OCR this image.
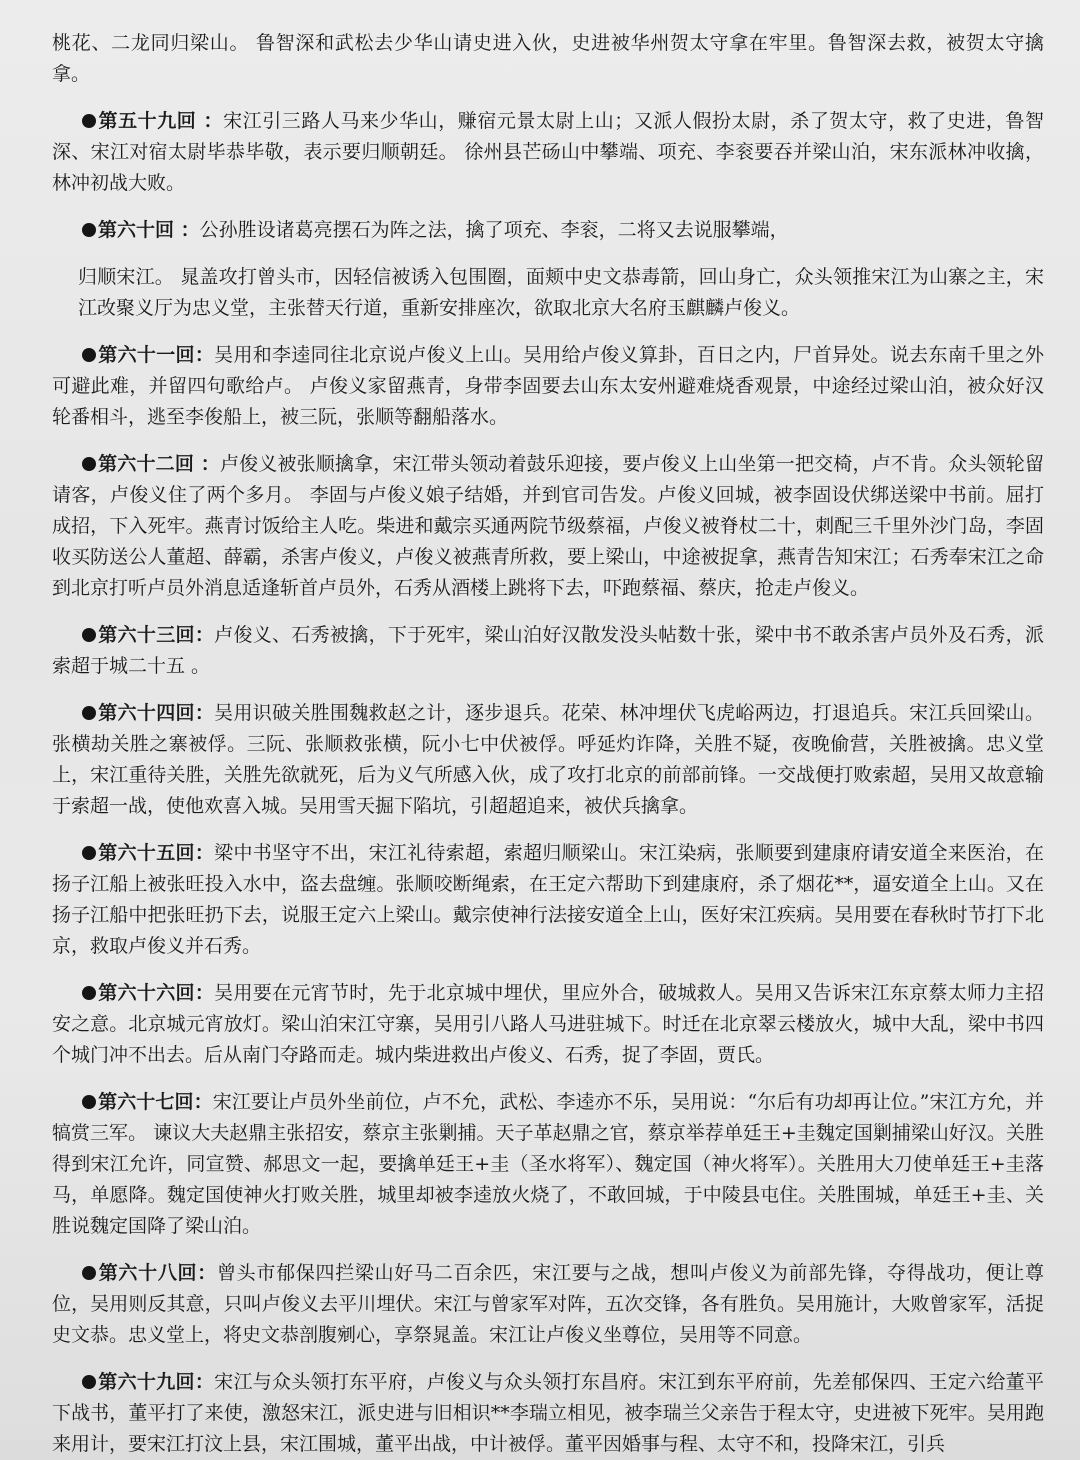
桃花、二龙同归梁山。 鲁智深和武松去少华山请史进入伙，史进被华州贺太守拿在牢里。鲁智深去救，被贺太守擒拿。

第五十九回 ：宋江引三路人马来少华山，赚宿元景太尉上山；又派人假扮太尉，杀了贺太守，救了史进，鲁智深、宋江对宿太尉毕恭毕敬，表示要归顺朝廷。 徐州县芒砀山中攀端、项充、李衮要吞并梁山泊，宋东派林冲收擒，林冲初战大败。

第六十回 ：公孙胜设诸葛亮摆石为阵之法，擒了项充、李衮，二将又去说服攀端，

归顺宋江。 晁盖攻打曾头市，因轻信被诱入包围圈，面颊中史文恭毒箭，回山身亡，众头领推宋江为山寨之主，宋江改聚义厅为忠义堂，主张替天行道，重新安排座次，欲取北京大名府玉麒麟卢俊义。

第六十一回：吴用和李逵同往北京说卢俊义上山。吴用给卢俊义算卦，百日之内，尸首异处。说去东南千里之外可避此难，并留四句歌给卢。 卢俊义家留燕青，身带李固要去山东太安州避难烧香观景，中途经过梁山泊，被众好汉轮番相斗，逃至李俊船上，被三阮，张顺等翻船落水。

第六十二回 ：卢俊义被张顺擒拿，宋江带头领动着鼓乐迎接，要卢俊义上山坐第一把交椅，卢不肯。众头领轮留请客，卢俊义住了两个多月。 李固与卢俊义娘子结婚，并到官司告发。卢俊义回城，被李固设伏绑送梁中书前。屈打成招，下入死牢。燕青讨饭给主人吃。柴进和戴宗买通两院节级蔡福，卢俊义被脊杖二十，刺配三千里外沙门岛，李固收买防送公人董超、薛霸，杀害卢俊义，卢俊义被燕青所救，要上梁山，中途被捉拿，燕青告知宋江；石秀奉宋江之命到北京打听卢员外消息适逢斩首卢员外，石秀从酒楼上跳将下去，吓跑蔡福、蔡庆，抢走卢俊义。

第六十三回：卢俊义、石秀被擒，下于死牢，梁山泊好汉散发没头帖数十张，梁中书不敢杀害卢员外及石秀，派索超于城二十五 。

第六十四回：吴用识破关胜围魏救赵之计，逐步退兵。花荣、林冲埋伏飞虎峪两边，打退追兵。宋江兵回梁山。张横劫关胜之寨被俘。三阮、张顺救张横，阮小七中伏被俘。呼延灼诈降，关胜不疑，夜晚偷营，关胜被擒。忠义堂上，宋江重待关胜，关胜先欲就死，后为义气所感入伙，成了攻打北京的前部前锋。一交战便打败索超，吴用又故意输于索超一战，使他欢喜入城。吴用雪天掘下陷坑，引超超追来，被伏兵擒拿。

第六十五回：梁中书坚守不出，宋江礼待索超，索超归顺梁山。宋江染病，张顺要到建康府请安道全来医治，在扬子江船上被张旺投入水中，盗去盘缠。张顺咬断绳索，在王定六帮助下到建康府，杀了烟花**，逼安道全上山。又在扬子江船中把张旺扔下去，说服王定六上梁山。戴宗使神行法接安道全上山，医好宋江疾病。吴用要在春秋时节打下北京，救取卢俊义并石秀。

第六十六回：吴用要在元宵节时，先于北京城中埋伏，里应外合，破城救人。吴用又告诉宋江东京蔡太师力主招安之意。北京城元宵放灯。梁山泊宋江守寨，吴用引八路人马进驻城下。时迁在北京翠云楼放火，城中大乱，梁中书四个城门冲不出去。后从南门夺路而走。城内柴进救出卢俊义、石秀，捉了李固，贾氏。

第六十七回：宋江要让卢员外坐前位，卢不允，武松、李逵亦不乐，吴用说：“尔后有功却再让位。”宋江方允，并犒赏三军。 谏议大夫赵鼎主张招安，蔡京主张剿捕。天子革赵鼎之官，蔡京举荐单廷王+圭魏定国剿捕梁山好汉。关胜得到宋江允许，同宣赞、郝思文一起，要擒单廷王+圭（圣水将军）、魏定国（神火将军）。关胜用大刀使单廷王+圭落马，单愿降。魏定国使神火打败关胜，城里却被李逵放火烧了，不敢回城，于中陵县屯住。关胜围城，单廷王+圭、关胜说魏定国降了梁山泊。

第六十八回：曾头市郁保四拦梁山好马二百余匹，宋江要与之战，想叫卢俊义为前部先锋，夺得战功，便让尊位，吴用则反其意，只叫卢俊义去平川埋伏。宋江与曾家军对阵，五次交锋，各有胜负。吴用施计，大败曾家军，活捉史文恭。忠义堂上，将史文恭剖腹剜心，享祭晁盖。宋江让卢俊义坐尊位，吴用等不同意。

第六十九回：宋江与众头领打东平府，卢俊义与众头领打东昌府。宋江到东平府前，先差郁保四、王定六给董平下战书，董平打了来使，激怒宋江，派史进与旧相识**李瑞立相见，被李瑞兰父亲告于程太守，史进被下死牢。吴用跑来用计，要宋江打汶上县，宋江围城，董平出战，中计被俘。董平因婚事与程、太守不和，投降宋江，引兵
